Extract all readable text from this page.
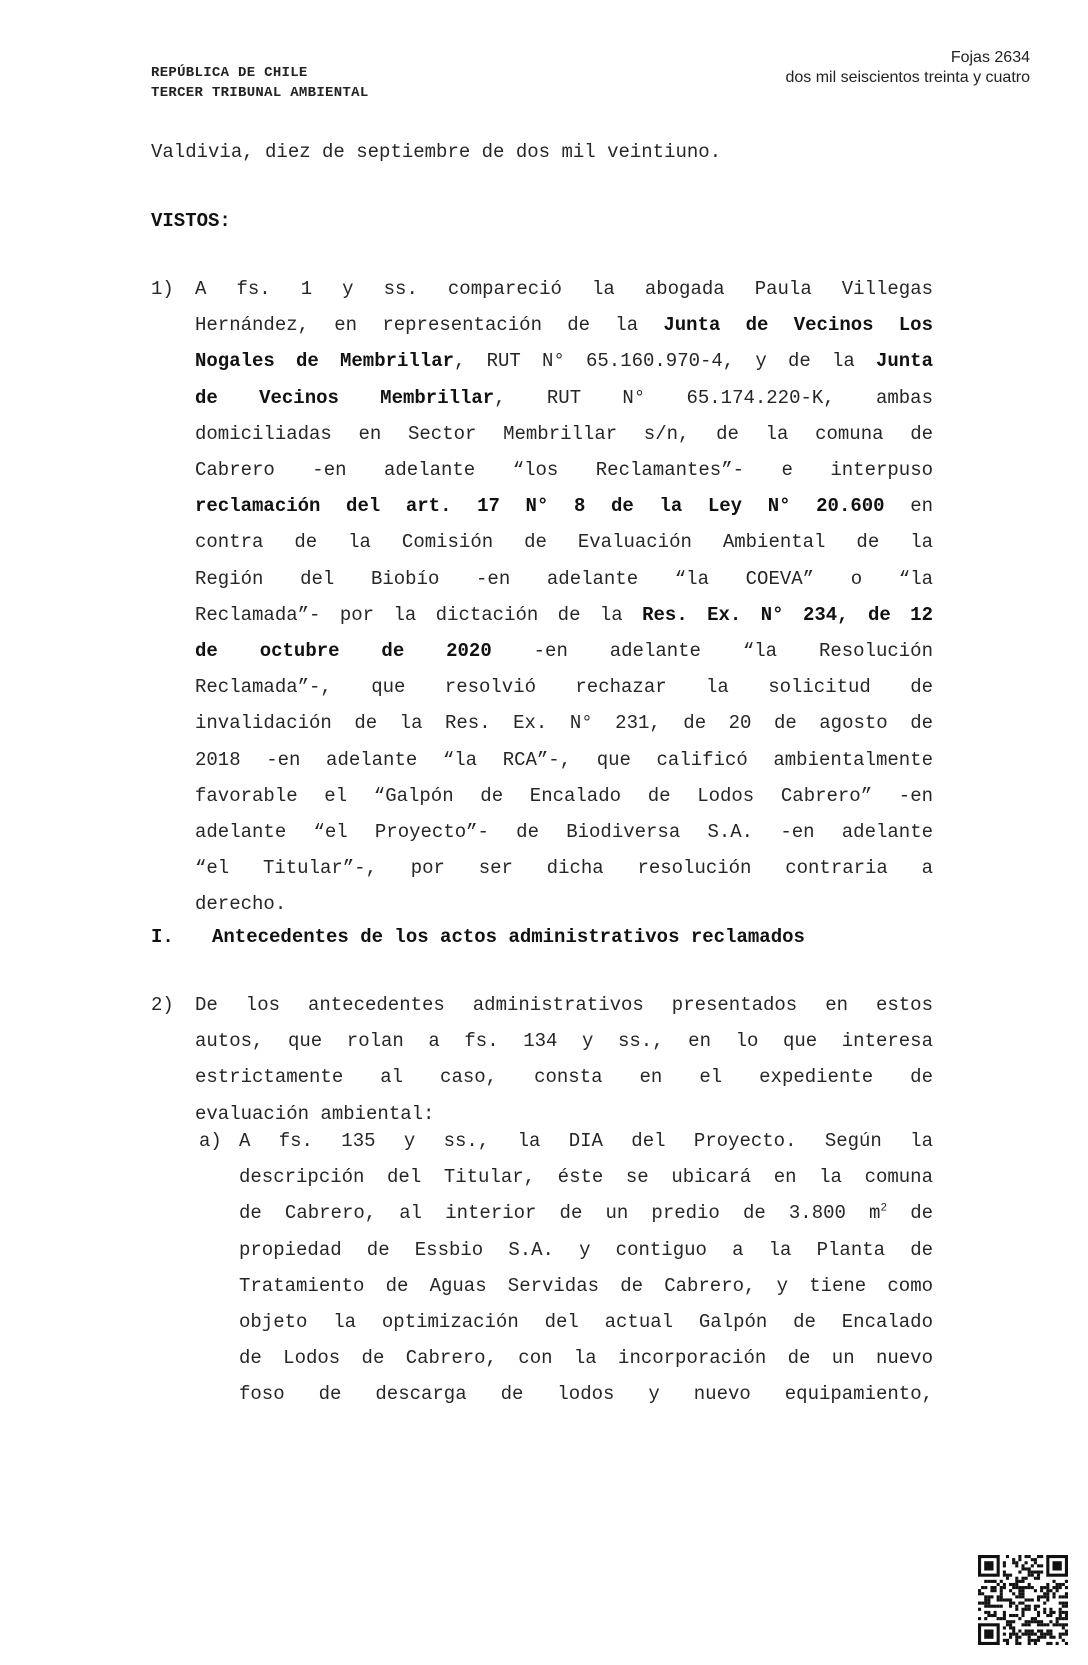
REPÚBLICA DE CHILE
TERCER TRIBUNAL AMBIENTAL
Fojas 2634
dos mil seiscientos treinta y cuatro
Valdivia, diez de septiembre de dos mil veintiuno.
VISTOS:
1) A fs. 1 y ss. compareció la abogada Paula Villegas
Hernández, en representación de la Junta de Vecinos Los
Nogales de Membrillar, RUT N° 65.160.970-4, y de la Junta
de Vecinos Membrillar, RUT N° 65.174.220-K, ambas
domiciliadas en Sector Membrillar s/n, de la comuna de
Cabrero -en adelante “los Reclamantes”- e interpuso
reclamación del art. 17 N° 8 de la Ley N° 20.600 en
contra de la Comisión de Evaluación Ambiental de la
Región del Biobío -en adelante “la COEVA” o “la
Reclamada”- por la dictación de la Res. Ex. N° 234, de 12
de octubre de 2020 -en adelante “la Resolución
Reclamada”-, que resolvió rechazar la solicitud de
invalidación de la Res. Ex. N° 231, de 20 de agosto de
2018 -en adelante “la RCA”-, que calificó ambientalmente
favorable el “Galpón de Encalado de Lodos Cabrero” -en
adelante “el Proyecto”- de Biodiversa S.A. -en adelante
“el Titular”-, por ser dicha resolución contraria a
derecho.
I. Antecedentes de los actos administrativos reclamados
2) De los antecedentes administrativos presentados en estos
autos, que rolan a fs. 134 y ss., en lo que interesa
estrictamente al caso, consta en el expediente de
evaluación ambiental:
a) A fs. 135 y ss., la DIA del Proyecto. Según la
descripción del Titular, éste se ubicará en la comuna
de Cabrero, al interior de un predio de 3.800 $m^2$ de
propiedad de Essbio S.A. y contiguo a la Planta de
Tratamiento de Aguas Servidas de Cabrero, y tiene como
objeto la optimización del actual Galpón de Encalado
de Lodos de Cabrero, con la incorporación de un nuevo
foso de descarga de lodos y nuevo equipamiento,
